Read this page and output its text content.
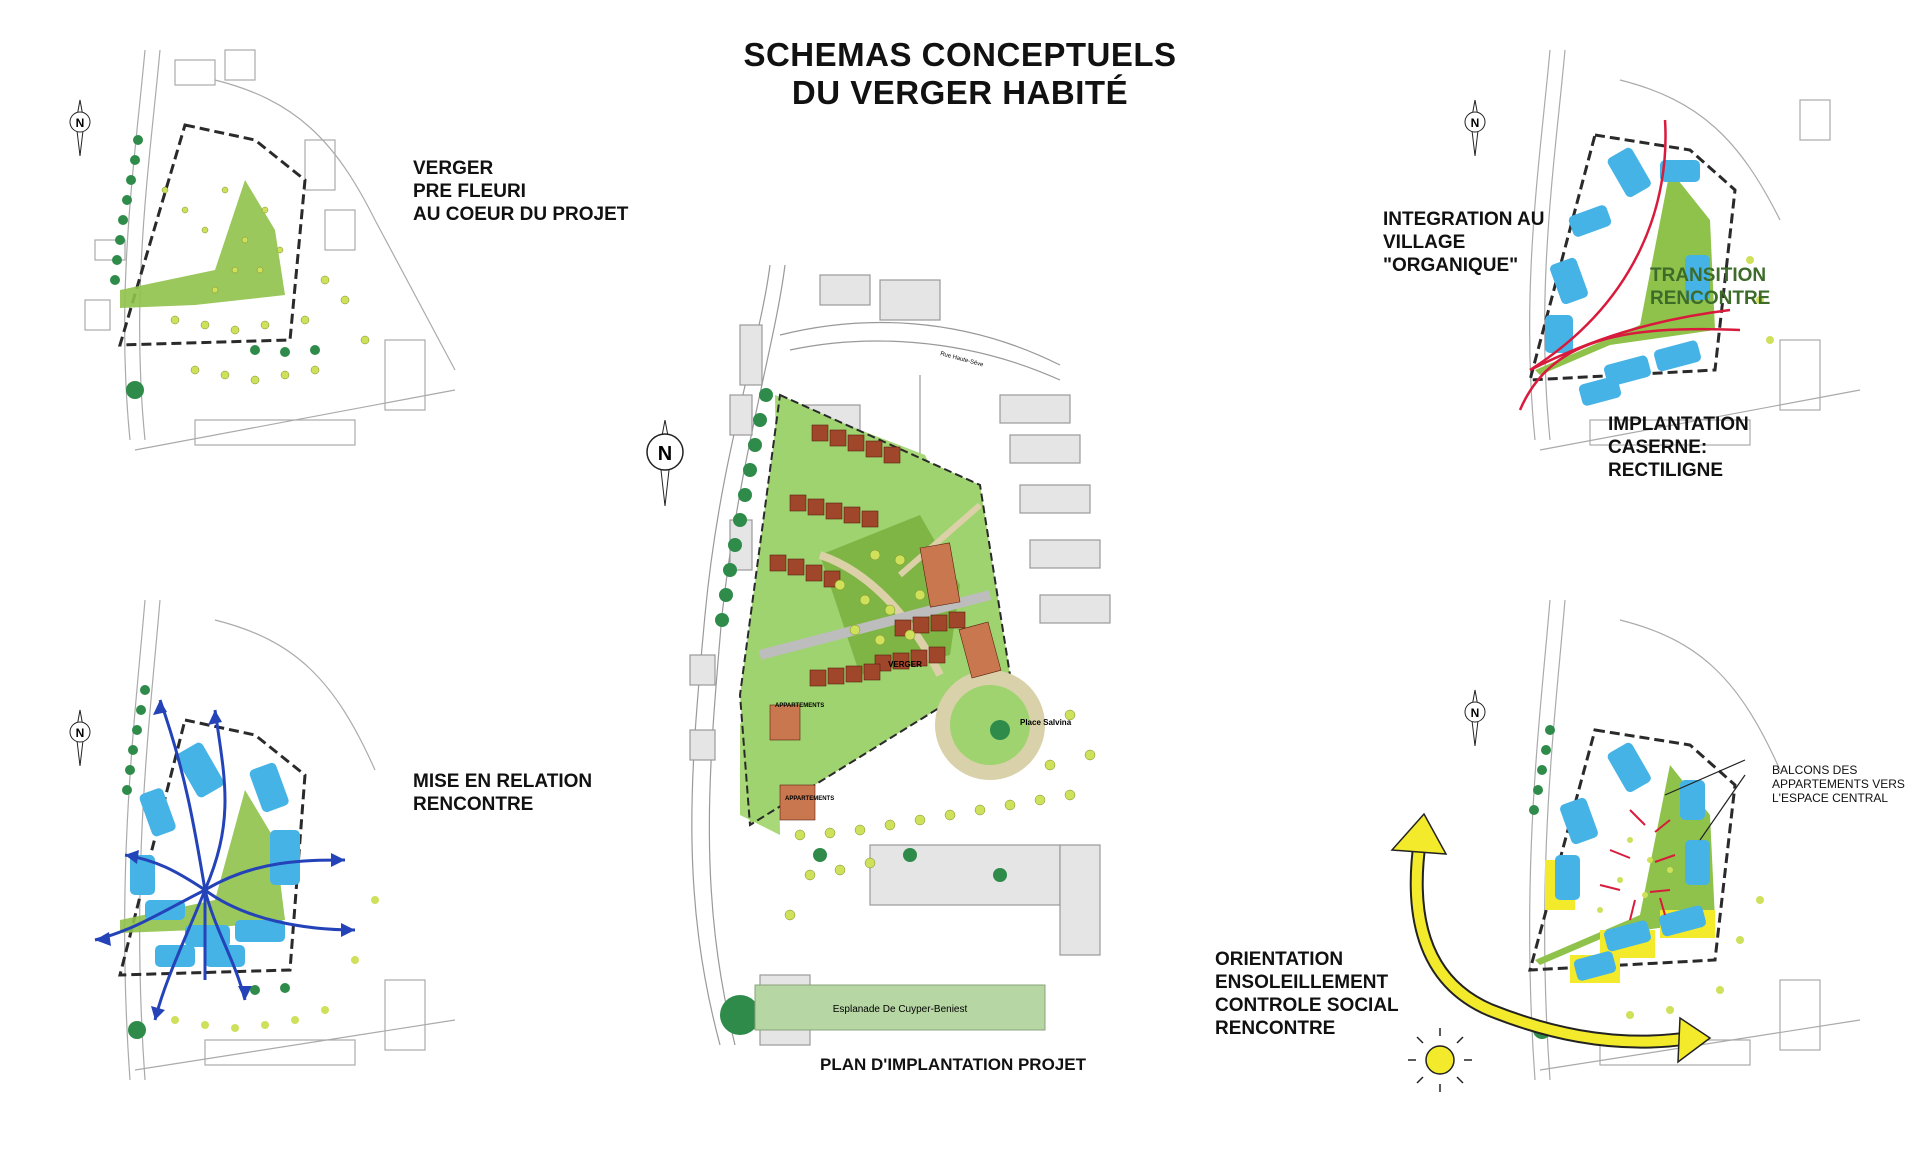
SCHEMAS CONCEPTUELS
DU VERGER HABITÉ
N
VERGER
PRE FLEURI
AU COEUR DU PROJET
N
MISE EN RELATION
RENCONTRE
N
Esplanade De Cuyper-Beniest
VERGER
Place Salvina
Rue Haute-Sève
APPARTEMENTS
APPARTEMENTS
PLAN D'IMPLANTATION PROJET
N
INTEGRATION AU
VILLAGE
"ORGANIQUE"	TRANSITION
RENCONTRE
IMPLANTATION
CASERNE:
RECTILIGNE
N
ORIENTATION
ENSOLEILLEMENT
CONTROLE SOCIAL
RENCONTRE
BALCONS DES
APPARTEMENTS VERS
L'ESPACE CENTRAL
